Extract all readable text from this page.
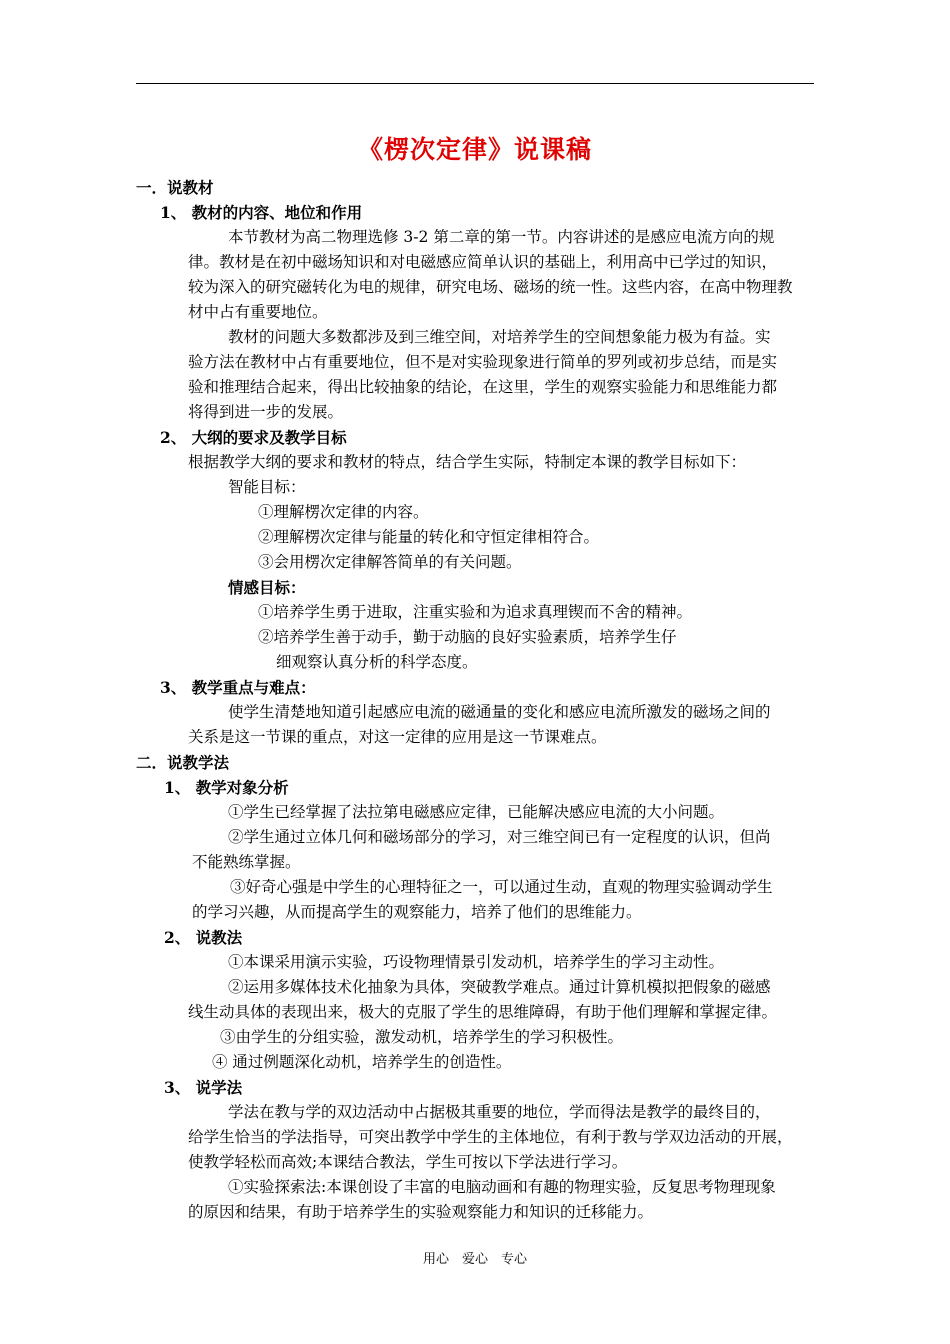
《楞次定律》说课稿
一．说教材
1、 教材的内容、地位和作用
本节教材为高二物理选修 3-2 第二章的第一节。内容讲述的是感应电流方向的规
律。教材是在初中磁场知识和对电磁感应简单认识的基础上，利用高中已学过的知识，
较为深入的研究磁转化为电的规律，研究电场、磁场的统一性。这些内容，在高中物理教
材中占有重要地位。
教材的问题大多数都涉及到三维空间，对培养学生的空间想象能力极为有益。实
验方法在教材中占有重要地位，但不是对实验现象进行简单的罗列或初步总结，而是实
验和推理结合起来，得出比较抽象的结论，在这里，学生的观察实验能力和思维能力都
将得到进一步的发展。
2、 大纲的要求及教学目标
根据教学大纲的要求和教材的特点，结合学生实际，特制定本课的教学目标如下：
智能目标：
①理解楞次定律的内容。
②理解楞次定律与能量的转化和守恒定律相符合。
③会用楞次定律解答简单的有关问题。
情感目标：
①培养学生勇于进取，注重实验和为追求真理锲而不舍的精神。
②培养学生善于动手，勤于动脑的良好实验素质，培养学生仔
细观察认真分析的科学态度。
3、 教学重点与难点：
使学生清楚地知道引起感应电流的磁通量的变化和感应电流所激发的磁场之间的
关系是这一节课的重点，对这一定律的应用是这一节课难点。
二．说教学法
1、 教学对象分析
①学生已经掌握了法拉第电磁感应定律，已能解决感应电流的大小问题。
②学生通过立体几何和磁场部分的学习，对三维空间已有一定程度的认识，但尚
不能熟练掌握。
③好奇心强是中学生的心理特征之一，可以通过生动，直观的物理实验调动学生
的学习兴趣，从而提高学生的观察能力，培养了他们的思维能力。
2、 说教法
①本课采用演示实验，巧设物理情景引发动机，培养学生的学习主动性。
②运用多媒体技术化抽象为具体，突破教学难点。通过计算机模拟把假象的磁感
线生动具体的表现出来，极大的克服了学生的思维障碍，有助于他们理解和掌握定律。
③由学生的分组实验，激发动机，培养学生的学习积极性。
④ 通过例题深化动机，培养学生的创造性。
3、 说学法
学法在教与学的双边活动中占据极其重要的地位，学而得法是教学的最终目的，
给学生恰当的学法指导，可突出教学中学生的主体地位，有利于教与学双边活动的开展，
使教学轻松而高效;本课结合教法，学生可按以下学法进行学习。
①实验探索法:本课创设了丰富的电脑动画和有趣的物理实验，反复思考物理现象
的原因和结果，有助于培养学生的实验观察能力和知识的迁移能力。
用心　爱心　专心
